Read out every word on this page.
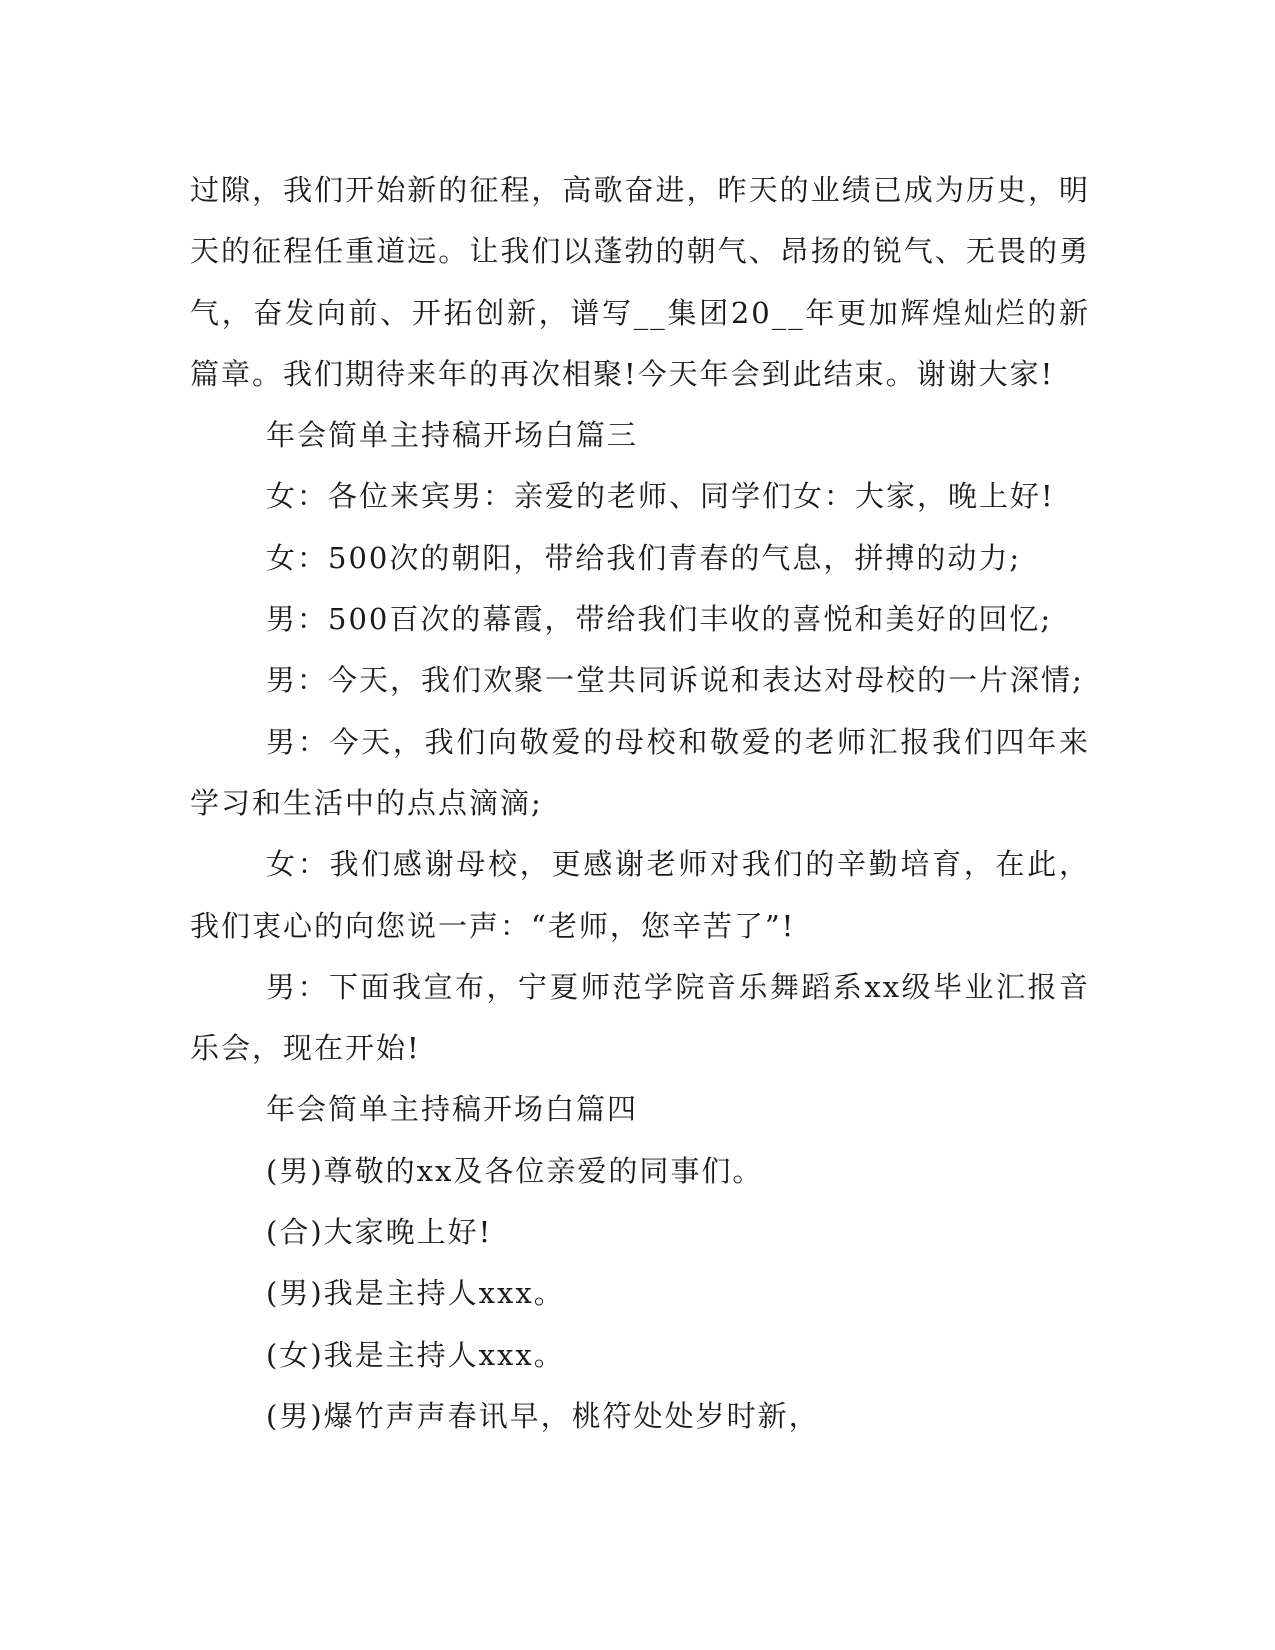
过隙，我们开始新的征程，高歌奋进，昨天的业绩已成为历史，明天的征程任重道远。让我们以蓬勃的朝气、昂扬的锐气、无畏的勇气，奋发向前、开拓创新，谱写__集团20__年更加辉煌灿烂的新篇章。我们期待来年的再次相聚!今天年会到此结束。谢谢大家!

年会简单主持稿开场白篇三

女：各位来宾男：亲爱的老师、同学们女：大家，晚上好!

女：500次的朝阳，带给我们青春的气息，拼搏的动力;

男：500百次的幕霞，带给我们丰收的喜悦和美好的回忆;

男：今天，我们欢聚一堂共同诉说和表达对母校的一片深情;

男：今天，我们向敬爱的母校和敬爱的老师汇报我们四年来学习和生活中的点点滴滴;

女：我们感谢母校，更感谢老师对我们的辛勤培育，在此，我们衷心的向您说一声：“老师，您辛苦了”!

男：下面我宣布，宁夏师范学院音乐舞蹈系xx级毕业汇报音乐会，现在开始!

年会简单主持稿开场白篇四

(男)尊敬的xx及各位亲爱的同事们。

(合)大家晚上好!

(男)我是主持人xxx。

(女)我是主持人xxx。

(男)爆竹声声春讯早，桃符处处岁时新，
